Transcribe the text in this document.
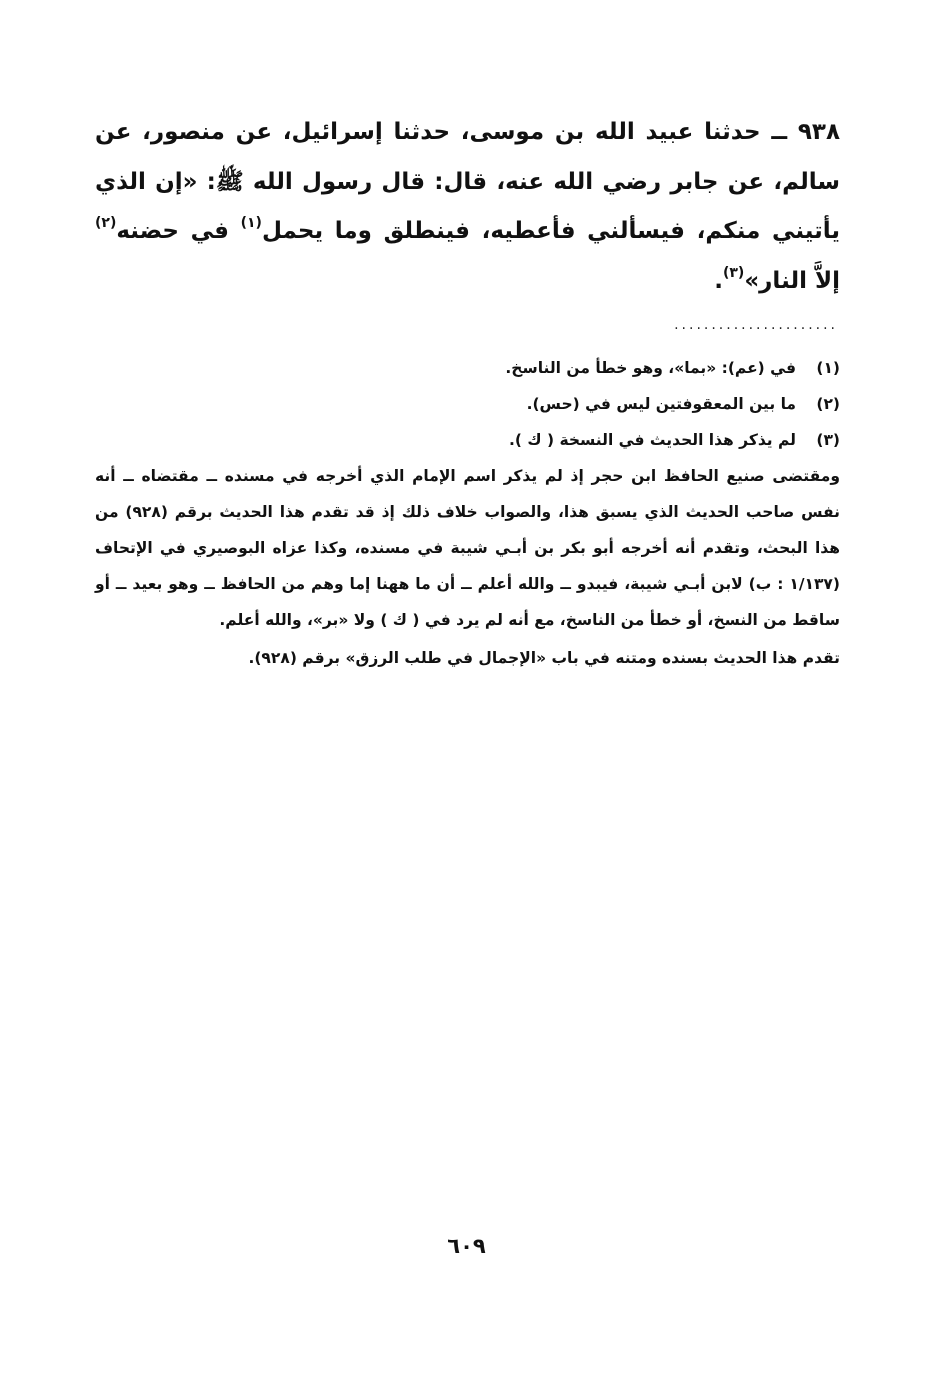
٩٣٨ ــ حدثنا عبيد الله بن موسى، حدثنا إسرائيل، عن منصور، عن سالم، عن جابر رضي الله عنه، قال: قال رسول الله ﷺ: «إن الذي يأتيني منكم، فيسألني فأعطيه، فينطلق وما يحمل$^{(١)}$ في حضنه$^{(٢)}$ إلاَّ النار»$^{(٣)}$.
......................
(١)
في (عم): «بما»، وهو خطأ من الناسخ.
(٢)
ما بين المعقوفتين ليس في (حس).
(٣)
لم يذكر هذا الحديث في النسخة ( ك ).
ومقتضى صنيع الحافظ ابن حجر إذ لم يذكر اسم الإمام الذي أخرجه في مسنده ــ مقتضاه ــ أنه نفس صاحب الحديث الذي يسبق هذا، والصواب خلاف ذلك إذ قد تقدم هذا الحديث برقم (٩٢٨) من هذا البحث، وتقدم أنه أخرجه أبو بكر بن أبـي شيبة في مسنده، وكذا عزاه البوصيري في الإتحاف (١/١٣٧ : ب) لابن أبـي شيبة، فيبدو ــ والله أعلم ــ أن ما ههنا إما وهم من الحافظ ــ وهو بعيد ــ أو ساقط من النسخ، أو خطأ من الناسخ، مع أنه لم يرد في ( ك ) ولا «بر»، والله أعلم.
تقدم هذا الحديث بسنده ومتنه في باب «الإجمال في طلب الرزق» برقم (٩٢٨).
٦٠٩
